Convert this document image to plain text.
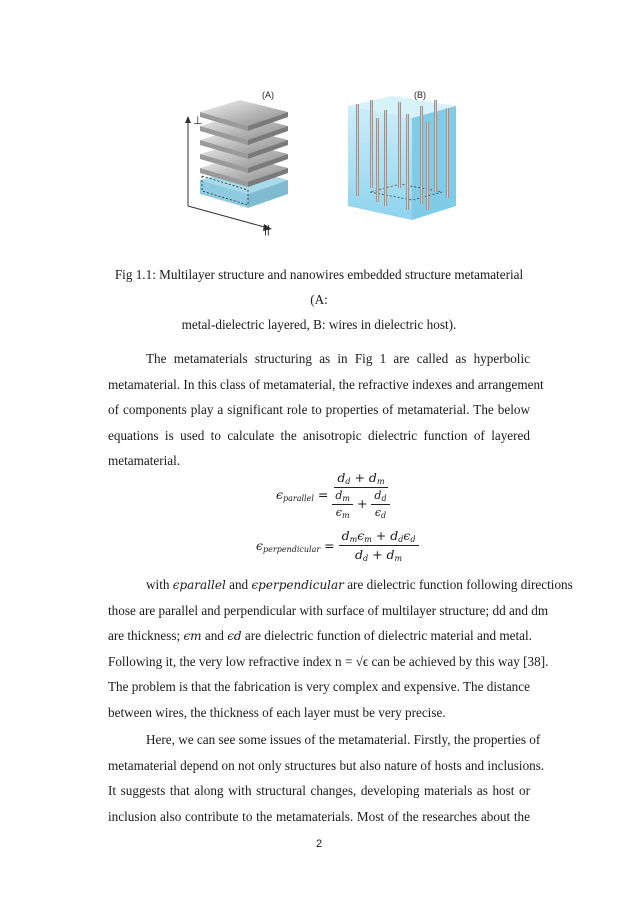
(A)	(B)
⊥
||
Fig 1.1: Multilayer structure and nanowires embedded structure metamaterial (A:
metal-dielectric layered, B: wires in dielectric host).
The metamaterials structuring as in Fig 1 are called as hyperbolic
metamaterial. In this class of metamaterial, the refractive indexes and arrangement
of components play a significant role to properties of metamaterial. The below
equations is used to calculate the anisotropic dielectric function of layered
metamaterial.
$\epsilon_{parallel} = \frac{d_d + d_m}{\frac{d_m}{\epsilon_m} + \frac{d_d}{\epsilon_d}}$
$\epsilon_{perpendicular} = \frac{d_m\epsilon_m + d_d\epsilon_d}{d_d + d_m}$
with ϵparallel and ϵperpendicular are dielectric function following directions
those are parallel and perpendicular with surface of multilayer structure; dd and dm
are thickness; ϵm and ϵd are dielectric function of dielectric material and metal.
Following it, the very low refractive index n = √ϵ can be achieved by this way [38].
The problem is that the fabrication is very complex and expensive. The distance
between wires, the thickness of each layer must be very precise.
Here, we can see some issues of the metamaterial. Firstly, the properties of
metamaterial depend on not only structures but also nature of hosts and inclusions.
It suggests that along with structural changes, developing materials as host or
inclusion also contribute to the metamaterials. Most of the researches about the
2
